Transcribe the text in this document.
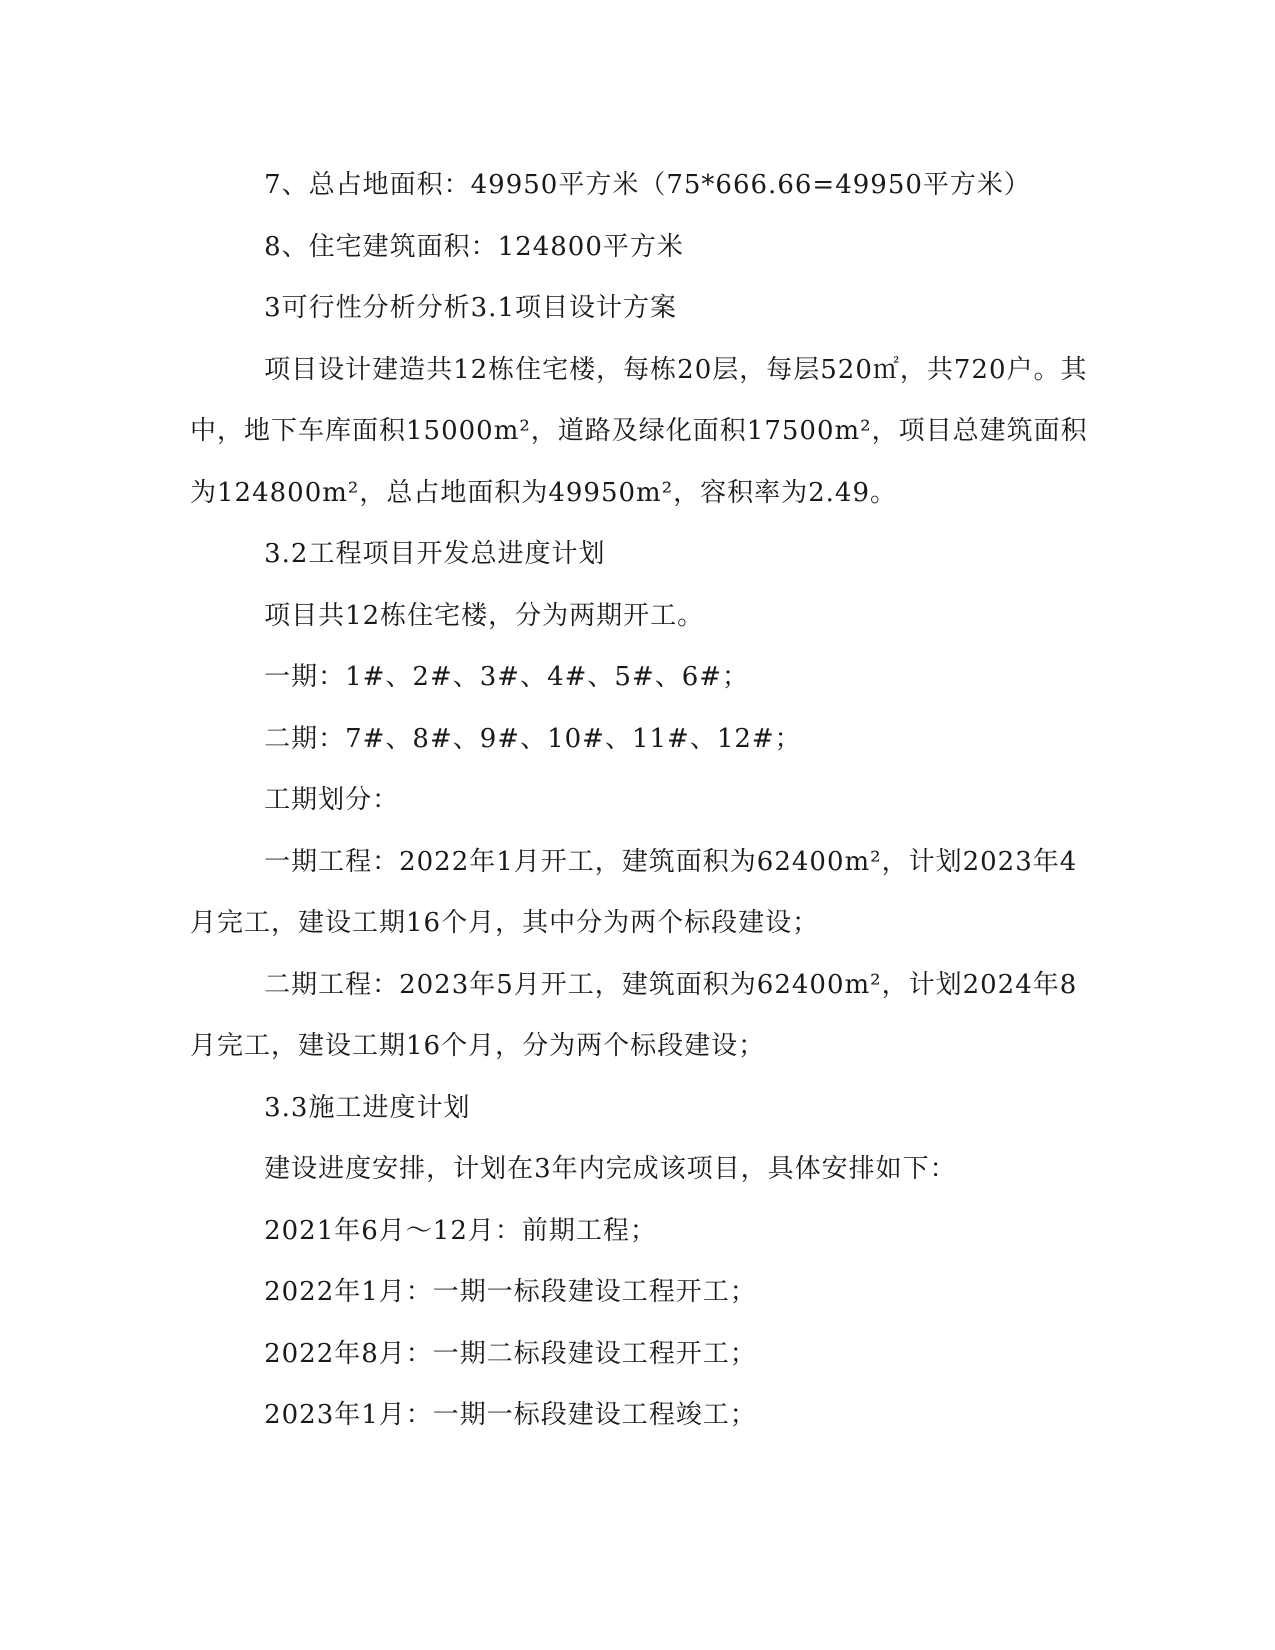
7、总占地面积：49950平方米（75*666.66=49950平方米）

8、住宅建筑面积：124800平方米

3可行性分析分析3.1项目设计方案

项目设计建造共12栋住宅楼，每栋20层，每层520㎡，共720户。其中，地下车库面积15000m²，道路及绿化面积17500m²，项目总建筑面积为124800m²，总占地面积为49950m²，容积率为2.49。

3.2工程项目开发总进度计划

项目共12栋住宅楼，分为两期开工。

一期：1#、2#、3#、4#、5#、6#；

二期：7#、8#、9#、10#、11#、12#；

工期划分：

一期工程：2022年1月开工，建筑面积为62400m²，计划2023年4月完工，建设工期16个月，其中分为两个标段建设；

二期工程：2023年5月开工，建筑面积为62400m²，计划2024年8月完工，建设工期16个月，分为两个标段建设；

3.3施工进度计划

建设进度安排，计划在3年内完成该项目，具体安排如下：

2021年6月～12月：前期工程；

2022年1月：一期一标段建设工程开工；

2022年8月：一期二标段建设工程开工；

2023年1月：一期一标段建设工程竣工；
